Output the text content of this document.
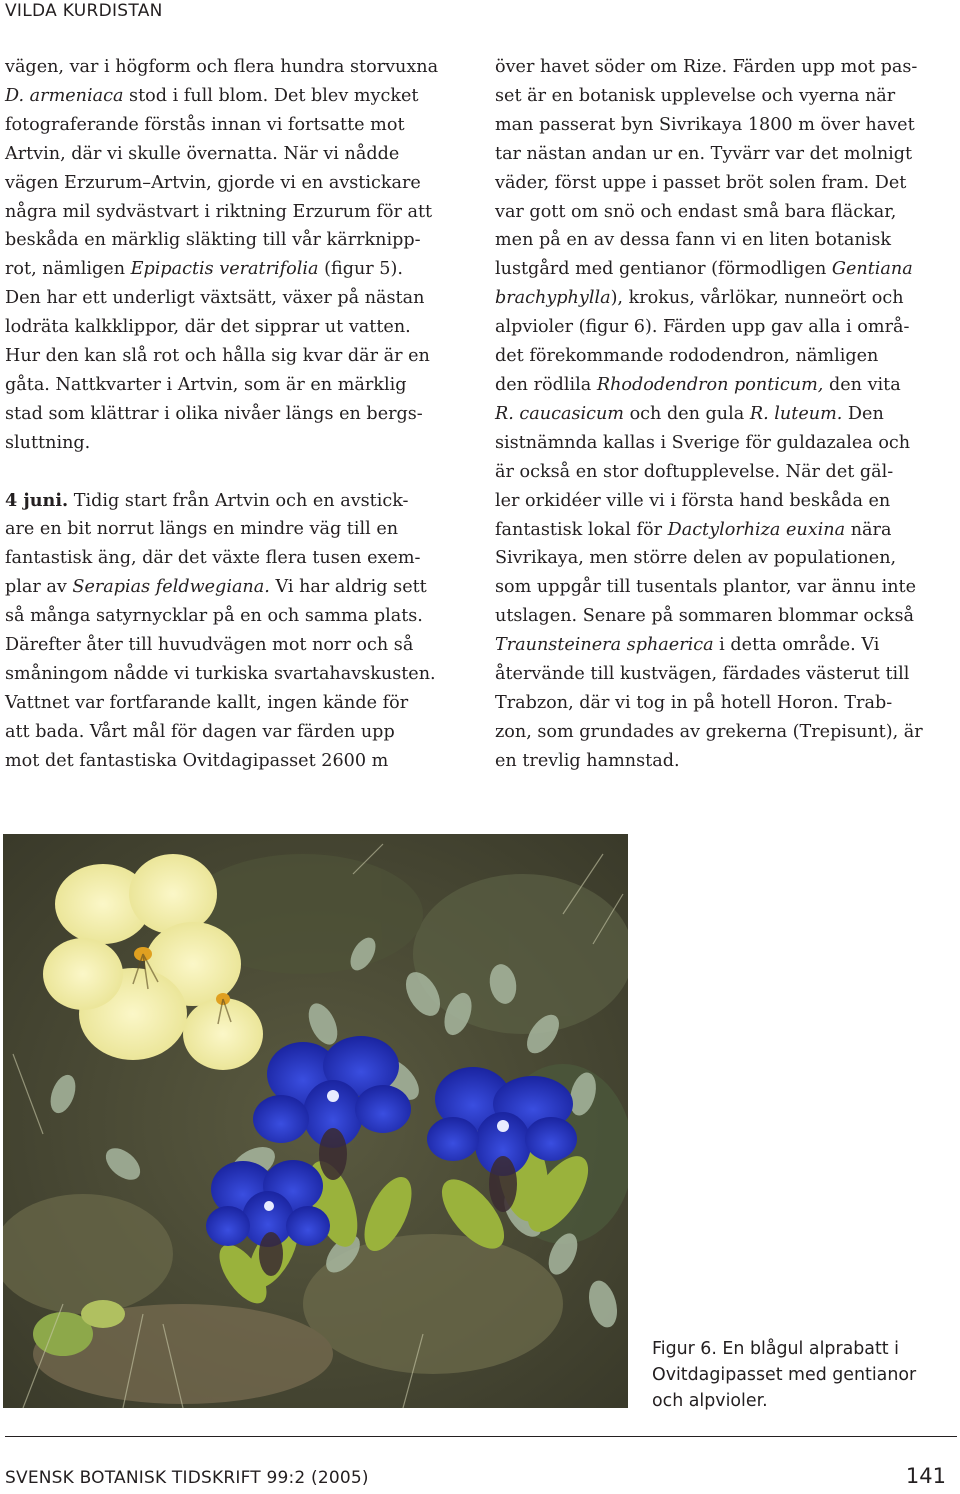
VILDA KURDISTAN
vägen, var i högform och flera hundra storvuxna
D. armeniaca stod i full blom. Det blev mycket
fotograferande förstås innan vi fortsatte mot
Artvin, där vi skulle övernatta. När vi nådde
vägen Erzurum–Artvin, gjorde vi en avstickare
några mil sydvästvart i riktning Erzurum för att
beskåda en märklig släkting till vår kärrknipp-
rot, nämligen Epipactis veratrifolia (figur 5).
Den har ett underligt växtsätt, växer på nästan
lodräta kalkklippor, där det sipprar ut vatten.
Hur den kan slå rot och hålla sig kvar där är en
gåta. Nattkvarter i Artvin, som är en märklig
stad som klättrar i olika nivåer längs en bergs-
sluttning.
4 juni. Tidig start från Artvin och en avstick-
are en bit norrut längs en mindre väg till en
fantastisk äng, där det växte flera tusen exem-
plar av Serapias feldwegiana. Vi har aldrig sett
så många satyrnycklar på en och samma plats.
Därefter åter till huvudvägen mot norr och så
småningom nådde vi turkiska svartahavskusten.
Vattnet var fortfarande kallt, ingen kände för
att bada. Vårt mål för dagen var färden upp
mot det fantastiska Ovitdagipasset 2600 m
över havet söder om Rize. Färden upp mot pas-
set är en botanisk upplevelse och vyerna när
man passerat byn Sivrikaya 1800 m över havet
tar nästan andan ur en. Tyvärr var det molnigt
väder, först uppe i passet bröt solen fram. Det
var gott om snö och endast små bara fläckar,
men på en av dessa fann vi en liten botanisk
lustgård med gentianor (förmodligen Gentiana
brachyphylla), krokus, vårlökar, nunneört och
alpvioler (figur 6). Färden upp gav alla i områ-
det förekommande rododendron, nämligen
den rödlila Rhododendron ponticum, den vita
R. caucasicum och den gula R. luteum. Den
sistnämnda kallas i Sverige för guldazalea och
är också en stor doftupplevelse. När det gäl-
ler orkidéer ville vi i första hand beskåda en
fantastisk lokal för Dactylorhiza euxina nära
Sivrikaya, men större delen av populationen,
som uppgår till tusentals plantor, var ännu inte
utslagen. Senare på sommaren blommar också
Traunsteinera sphaerica i detta område. Vi
återvände till kustvägen, färdades västerut till
Trabzon, där vi tog in på hotell Horon. Trab-
zon, som grundades av grekerna (Trepisunt), är
en trevlig hamnstad.
Figur 6. En blågul alprabatt i
Ovitdagipasset med gentianor
och alpvioler.
SVENSK BOTANISK TIDSKRIFT 99:2 (2005)	141
